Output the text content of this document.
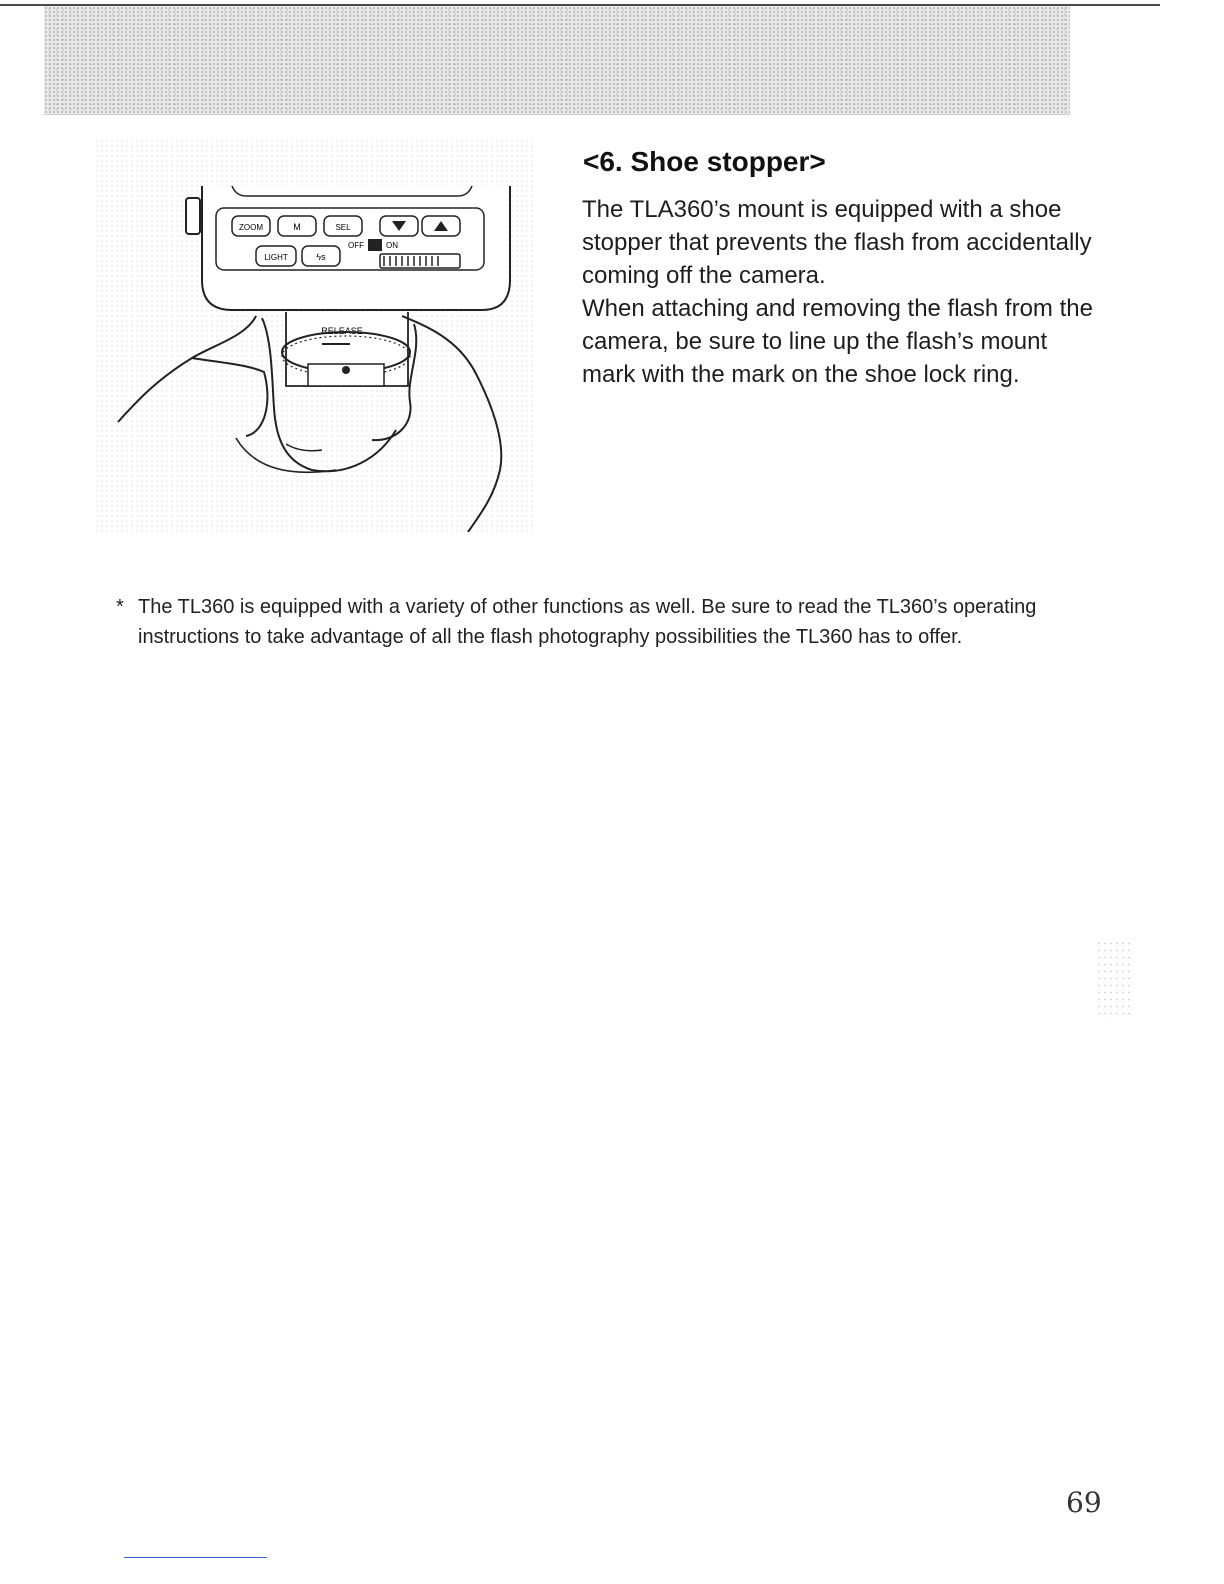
ZOOM	M	SEL
LIGHT	ϟs
OFF	ON
RELEASE
<6. Shoe stopper>

The TLA360’s mount is equipped with a shoe stopper that prevents the flash from accidentally coming off the camera.

When attaching and removing the flash from the camera, be sure to line up the flash’s mount mark with the mark on the shoe lock ring.

* The TL360 is equipped with a variety of other functions as well. Be sure to read the TL360’s operating instructions to take advantage of all the flash photography possibilities the TL360 has to offer.

69
